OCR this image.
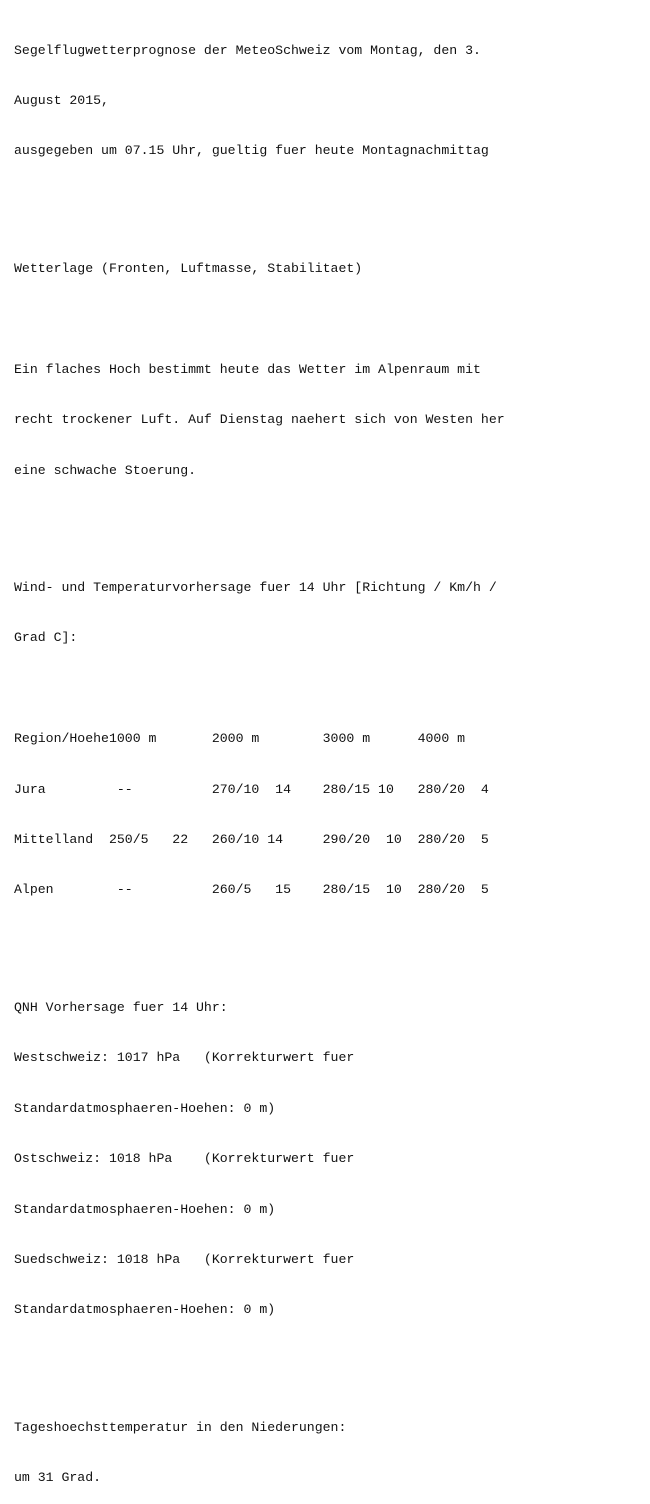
Segelflugwetterprognose der MeteoSchweiz vom Montag, den 3.

August 2015,

ausgegeben um 07.15 Uhr, gueltig fuer heute Montagnachmittag

Wetterlage (Fronten, Luftmasse, Stabilitaet)

Ein flaches Hoch bestimmt heute das Wetter im Alpenraum mit

recht trockener Luft. Auf Dienstag naehert sich von Westen her

eine schwache Stoerung.

Wind- und Temperaturvorhersage fuer 14 Uhr [Richtung / Km/h /

Grad C]:

Region/Hoehe1000 m       2000 m        3000 m      4000 m

Jura         --          270/10  14    280/15 10   280/20  4

Mittelland  250/5   22   260/10 14     290/20  10  280/20  5

Alpen        --          260/5   15    280/15  10  280/20  5

QNH Vorhersage fuer 14 Uhr:

Westschweiz: 1017 hPa   (Korrekturwert fuer

Standardatmosphaeren-Hoehen: 0 m)

Ostschweiz: 1018 hPa    (Korrekturwert fuer

Standardatmosphaeren-Hoehen: 0 m)

Suedschweiz: 1018 hPa   (Korrekturwert fuer

Standardatmosphaeren-Hoehen: 0 m)

Tageshoechsttemperatur in den Niederungen:

um 31 Grad.
